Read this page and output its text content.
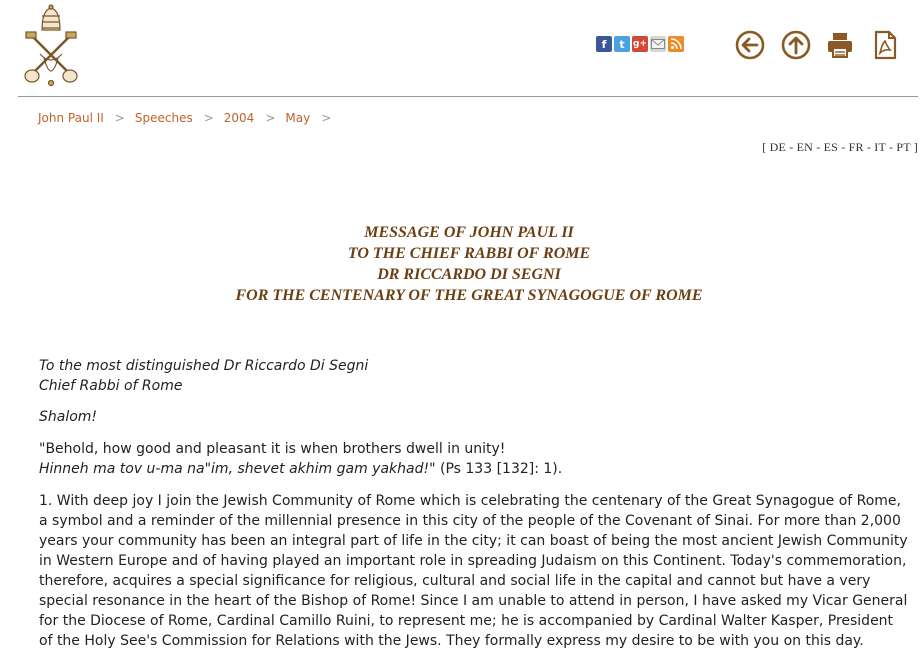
f	t g+
John Paul II > Speeches > 2004 > May >
[ DE - EN - ES - FR - IT - PT ]
MESSAGE OF JOHN PAUL II
TO THE CHIEF RABBI OF ROME
DR RICCARDO DI SEGNI
FOR THE CENTENARY OF THE GREAT SYNAGOGUE OF ROME

To the most distinguished Dr Riccardo Di Segni
Chief Rabbi of Rome

Shalom!

"Behold, how good and pleasant it is when brothers dwell in unity!
Hinneh ma tov u-ma na"im, shevet akhim gam yakhad!" (Ps 133 [132]: 1).

1. With deep joy I join the Jewish Community of Rome which is celebrating the centenary of the Great Synagogue of Rome, a symbol and a reminder of the millennial presence in this city of the people of the Covenant of Sinai. For more than 2,000 years your community has been an integral part of life in the city; it can boast of being the most ancient Jewish Community in Western Europe and of having played an important role in spreading Judaism on this Continent. Today's commemoration, therefore, acquires a special significance for religious, cultural and social life in the capital and cannot but have a very special resonance in the heart of the Bishop of Rome! Since I am unable to attend in person, I have asked my Vicar General for the Diocese of Rome, Cardinal Camillo Ruini, to represent me; he is accompanied by Cardinal Walter Kasper, President of the Holy See's Commission for Relations with the Jews. They formally express my desire to be with you on this day.
